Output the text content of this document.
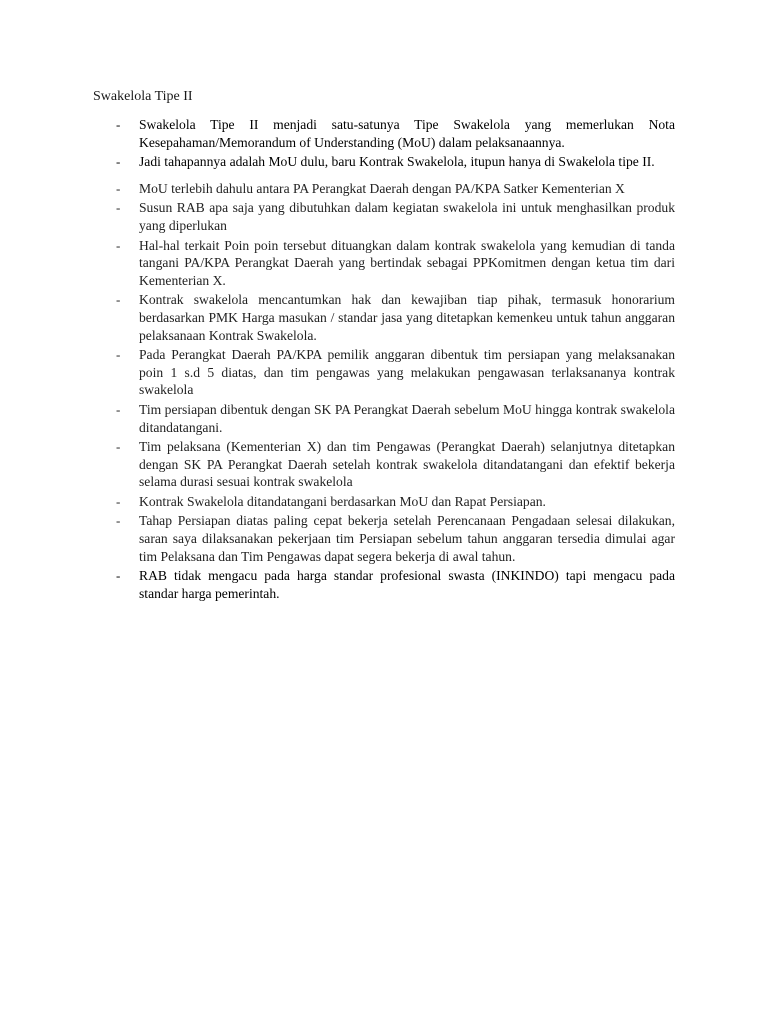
Swakelola Tipe II
-	Swakelola Tipe II menjadi satu-satunya Tipe Swakelola yang memerlukan Nota Kesepahaman/Memorandum of Understanding (MoU) dalam pelaksanaannya.
-	Jadi tahapannya adalah MoU dulu, baru Kontrak Swakelola, itupun hanya di Swakelola tipe II.
-	MoU terlebih dahulu antara PA Perangkat Daerah dengan PA/KPA Satker Kementerian X
-	Susun RAB apa saja yang dibutuhkan dalam kegiatan swakelola ini untuk menghasilkan produk yang diperlukan
-	Hal-hal terkait Poin poin tersebut dituangkan dalam kontrak swakelola yang kemudian di tanda tangani PA/KPA Perangkat Daerah yang bertindak sebagai PPKomitmen dengan ketua tim dari Kementerian X.
-	Kontrak swakelola mencantumkan hak dan kewajiban tiap pihak, termasuk honorarium berdasarkan PMK Harga masukan / standar jasa yang ditetapkan kemenkeu untuk tahun anggaran pelaksanaan Kontrak Swakelola.
-	Pada Perangkat Daerah PA/KPA pemilik anggaran dibentuk tim persiapan yang melaksanakan poin 1 s.d 5 diatas, dan tim pengawas yang melakukan pengawasan terlaksananya kontrak swakelola
-	Tim persiapan dibentuk dengan SK PA Perangkat Daerah sebelum MoU hingga kontrak swakelola ditandatangani.
-	Tim pelaksana (Kementerian X) dan tim Pengawas (Perangkat Daerah) selanjutnya ditetapkan dengan SK PA Perangkat Daerah setelah kontrak swakelola ditandatangani dan efektif bekerja selama durasi sesuai kontrak swakelola
-	Kontrak Swakelola ditandatangani berdasarkan MoU dan Rapat Persiapan.
-	Tahap Persiapan diatas paling cepat bekerja setelah Perencanaan Pengadaan selesai dilakukan, saran saya dilaksanakan pekerjaan tim Persiapan sebelum tahun anggaran tersedia dimulai agar tim Pelaksana dan Tim Pengawas dapat segera bekerja di awal tahun.
-	RAB tidak mengacu pada harga standar profesional swasta (INKINDO) tapi mengacu pada standar harga pemerintah.
